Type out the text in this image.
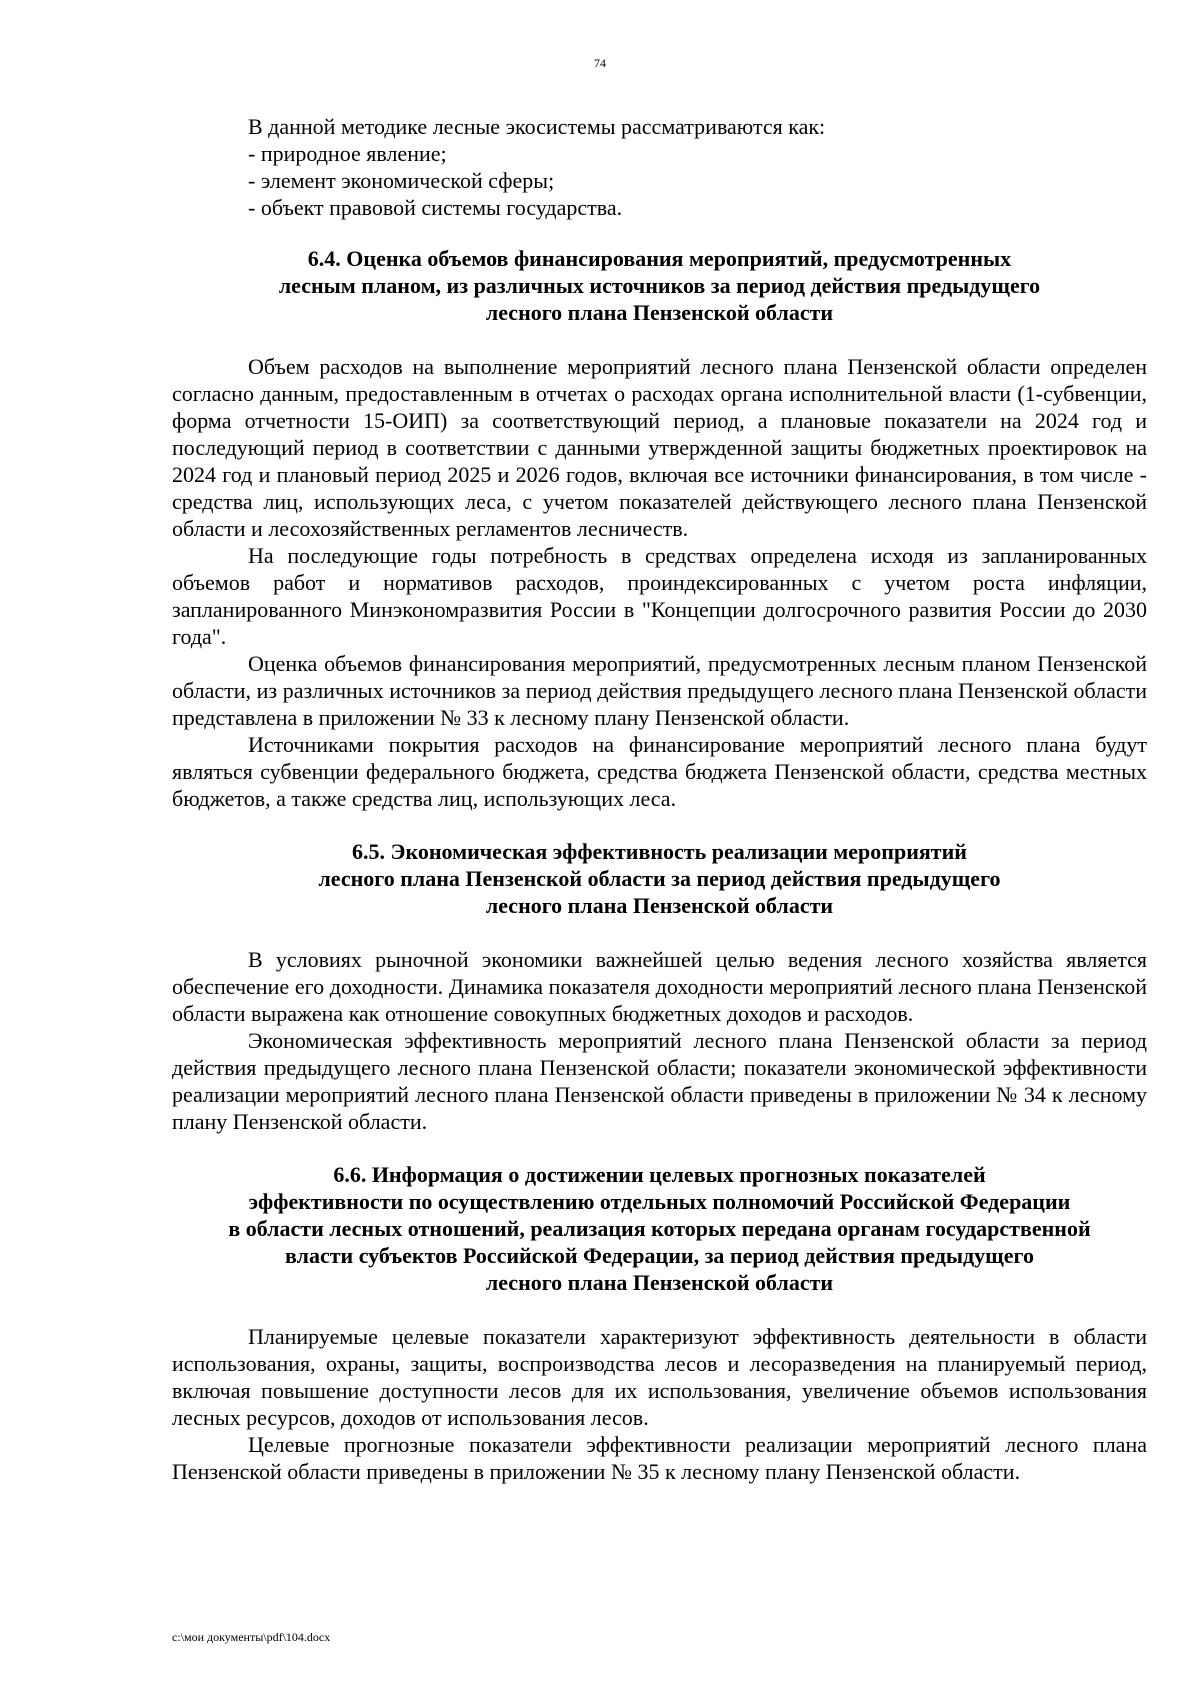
74
В данной методике лесные экосистемы рассматриваются как:
- природное явление;
- элемент экономической сферы;
- объект правовой системы государства.
6.4. Оценка объемов финансирования мероприятий, предусмотренных
лесным планом, из различных источников за период действия предыдущего
лесного плана Пензенской области

Объем расходов на выполнение мероприятий лесного плана Пензенской области определен согласно данным, предоставленным в отчетах о расходах органа исполнительной власти (1-субвенции, форма отчетности 15-ОИП) за соответствующий период, а плановые показатели на 2024 год и последующий период в соответствии с данными утвержденной защиты бюджетных проектировок на 2024 год и плановый период 2025 и 2026 годов, включая все источники финансирования, в том числе - средства лиц, использующих леса, с учетом показателей действующего лесного плана Пензенской области и лесохозяйственных регламентов лесничеств.

На последующие годы потребность в средствах определена исходя из запланированных объемов работ и нормативов расходов, проиндексированных с учетом роста инфляции, запланированного Минэкономразвития России в "Концепции долгосрочного развития России до 2030 года".

Оценка объемов финансирования мероприятий, предусмотренных лесным планом Пензенской области, из различных источников за период действия предыдущего лесного плана Пензенской области представлена в приложении № 33 к лесному плану Пензенской области.

Источниками покрытия расходов на финансирование мероприятий лесного плана будут являться субвенции федерального бюджета, средства бюджета Пензенской области, средства местных бюджетов, а также средства лиц, использующих леса.

6.5. Экономическая эффективность реализации мероприятий
лесного плана Пензенской области за период действия предыдущего
лесного плана Пензенской области

В условиях рыночной экономики важнейшей целью ведения лесного хозяйства является обеспечение его доходности. Динамика показателя доходности мероприятий лесного плана Пензенской области выражена как отношение совокупных бюджетных доходов и расходов.

Экономическая эффективность мероприятий лесного плана Пензенской области за период действия предыдущего лесного плана Пензенской области; показатели экономической эффективности реализации мероприятий лесного плана Пензенской области приведены в приложении № 34 к лесному плану Пензенской области.

6.6. Информация о достижении целевых прогнозных показателей
эффективности по осуществлению отдельных полномочий Российской Федерации
в области лесных отношений, реализация которых передана органам государственной
власти субъектов Российской Федерации, за период действия предыдущего
лесного плана Пензенской области

Планируемые целевые показатели характеризуют эффективность деятельности в области использования, охраны, защиты, воспроизводства лесов и лесоразведения на планируемый период, включая повышение доступности лесов для их использования, увеличение объемов использования лесных ресурсов, доходов от использования лесов.

Целевые прогнозные показатели эффективности реализации мероприятий лесного плана Пензенской области приведены в приложении № 35 к лесному плану Пензенской области.

c:\мои документы\pdf\104.docx
